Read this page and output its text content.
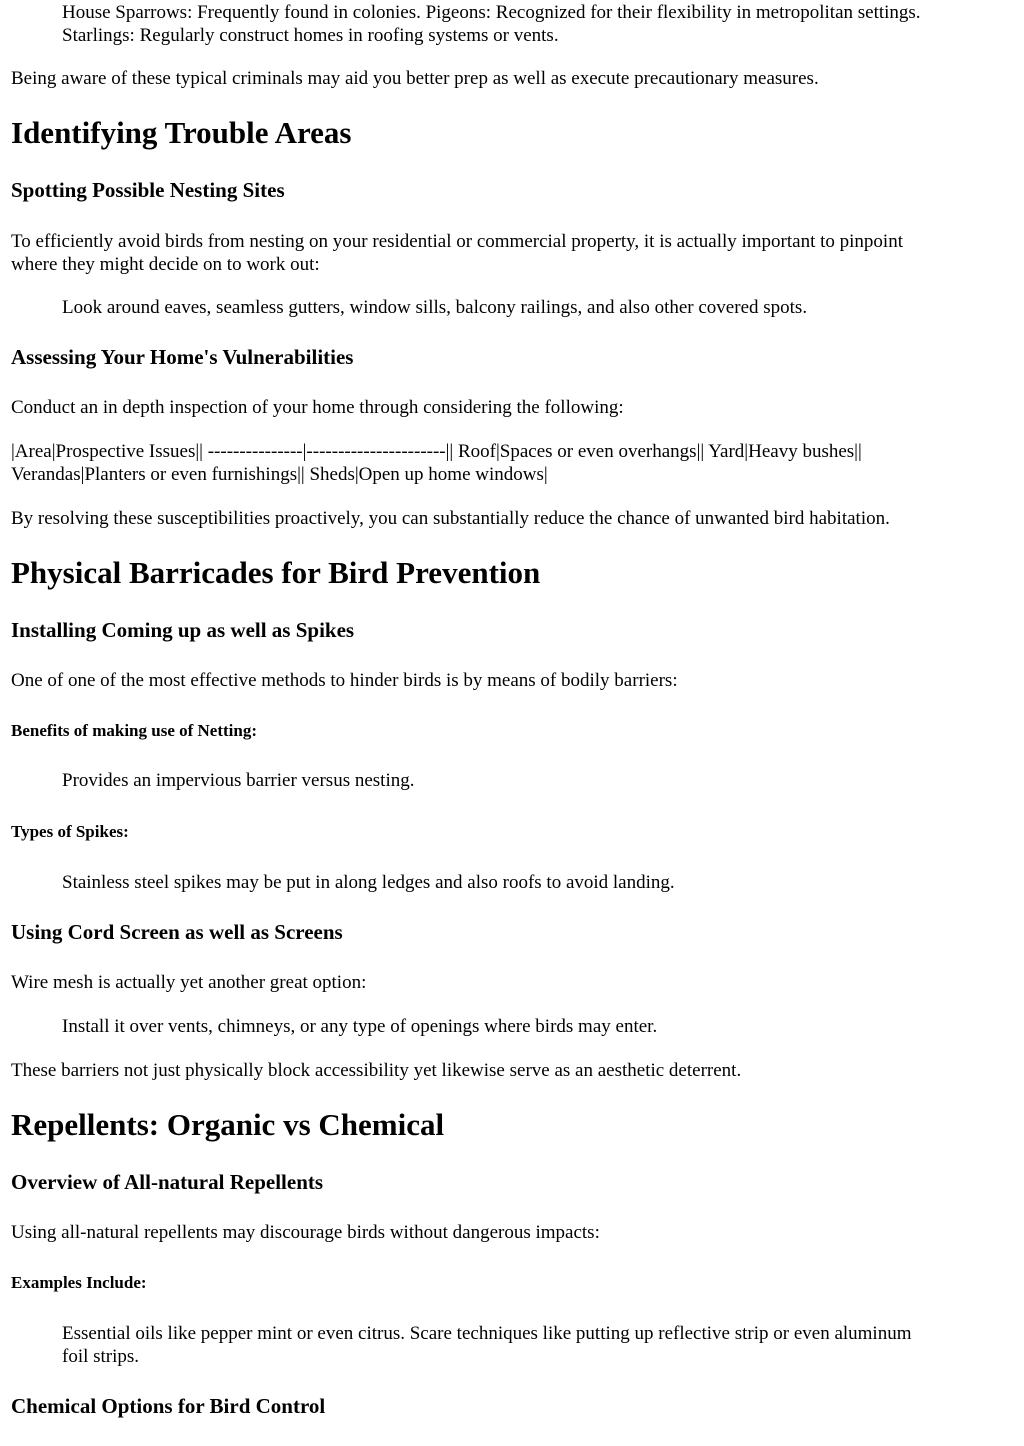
House Sparrows: Frequently found in colonies. Pigeons: Recognized for their flexibility in metropolitan settings.

Starlings: Regularly construct homes in roofing systems or vents.

Being aware of these typical criminals may aid you better prep as well as execute precautionary measures.

Identifying Trouble Areas
Spotting Possible Nesting Sites

To efficiently avoid birds from nesting on your residential or commercial property, it is actually important to pinpoint

where they might decide on to work out:

Look around eaves, seamless gutters, window sills, balcony railings, and also other covered spots.

Assessing Your Home's Vulnerabilities

Conduct an in depth inspection of your home through considering the following:

|Area|Prospective Issues|| ---------------|----------------------|| Roof|Spaces or even overhangs|| Yard|Heavy bushes||

Verandas|Planters or even furnishings|| Sheds|Open up home windows|

By resolving these susceptibilities proactively, you can substantially reduce the chance of unwanted bird habitation.

Physical Barricades for Bird Prevention
Installing Coming up as well as Spikes

One of one of the most effective methods to hinder birds is by means of bodily barriers:

Benefits of making use of Netting:

Provides an impervious barrier versus nesting.

Types of Spikes:

Stainless steel spikes may be put in along ledges and also roofs to avoid landing.

Using Cord Screen as well as Screens

Wire mesh is actually yet another great option:

Install it over vents, chimneys, or any type of openings where birds may enter.

These barriers not just physically block accessibility yet likewise serve as an aesthetic deterrent.

Repellents: Organic vs Chemical
Overview of All-natural Repellents

Using all-natural repellents may discourage birds without dangerous impacts:

Examples Include:

Essential oils like pepper mint or even citrus. Scare techniques like putting up reflective strip or even aluminum

foil strips.

Chemical Options for Bird Control
